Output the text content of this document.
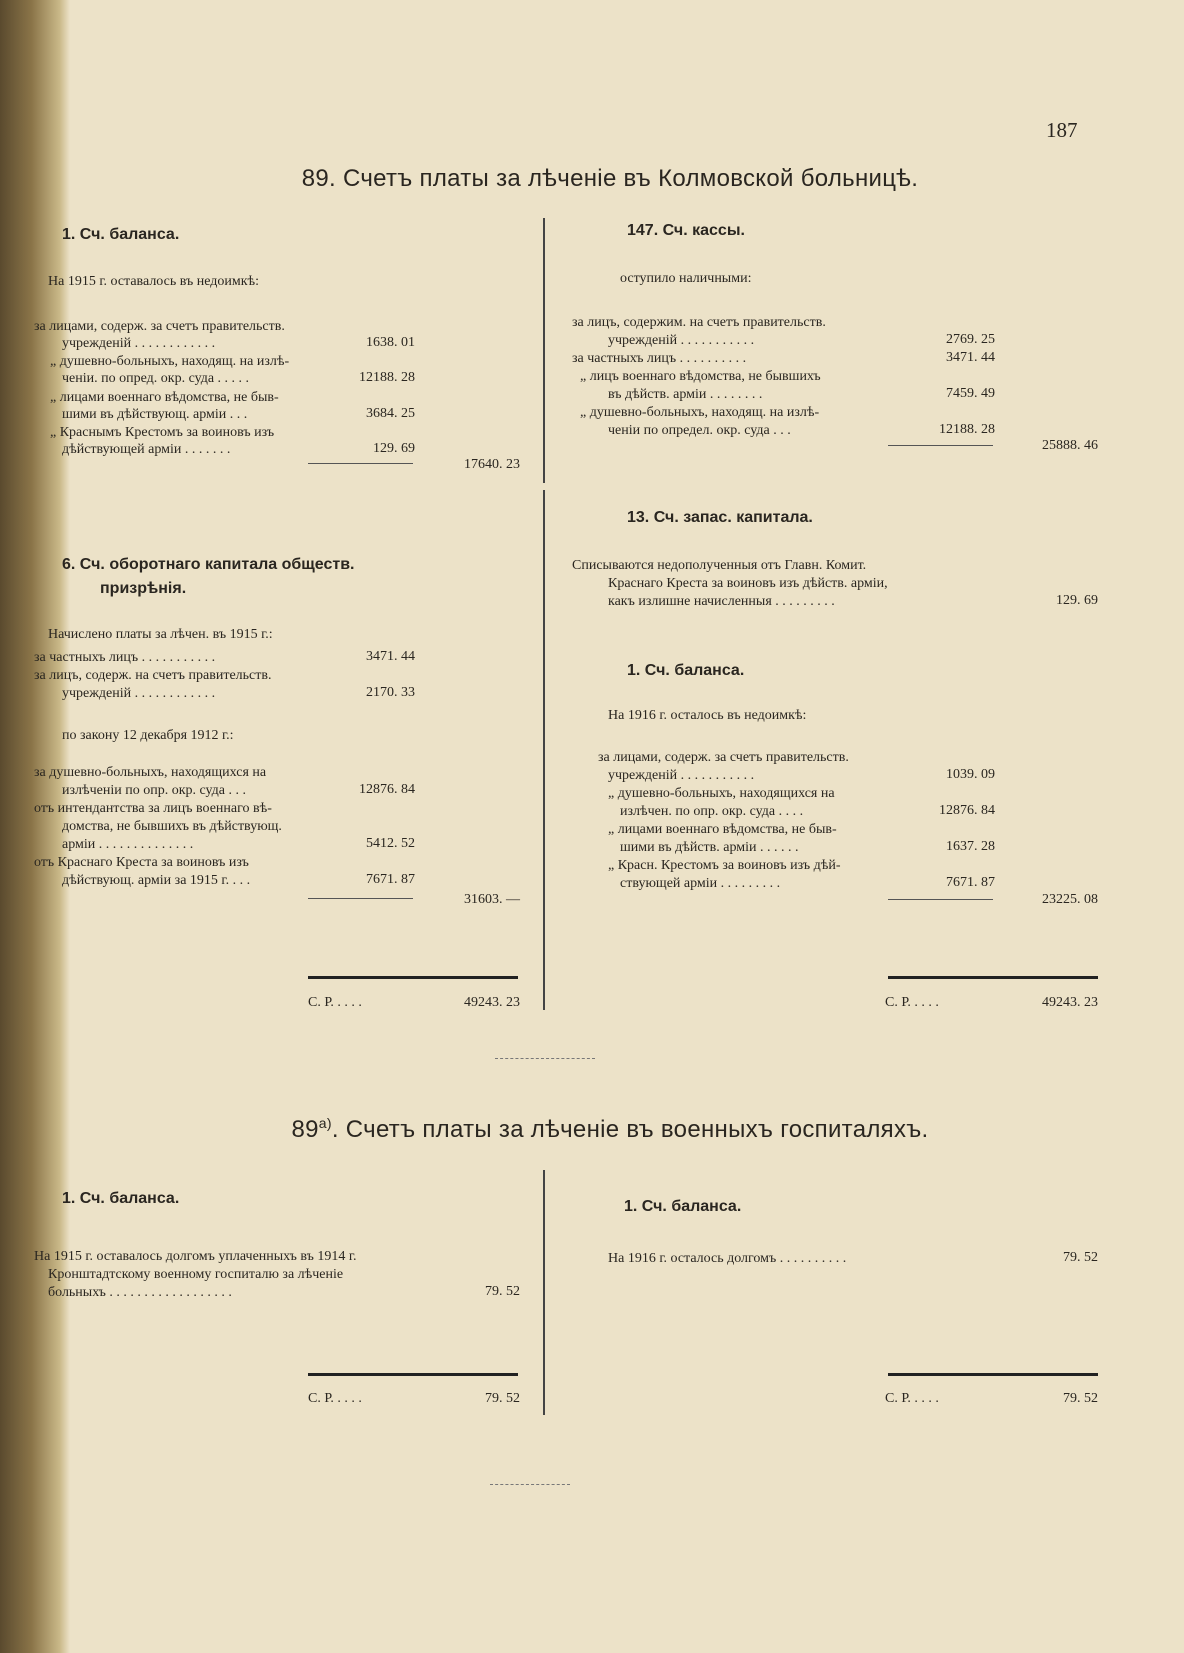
187
89. Счетъ платы за лѣченіе въ Колмовской больницѣ.
1. Сч. баланса.
На 1915 г. оставалось въ недоимкѣ:
за лицами, содерж. за счетъ правительств.
учрежденій . . . . . . . . . . . .	1638. 01
„ душевно-больныхъ, находящ. на излѣ-
ченіи. по опред. окр. суда . . . . .	12188. 28
„ лицами военнаго вѣдомства, не быв-
шими въ дѣйствующ. арміи . . .	3684. 25
„ Краснымъ Крестомъ за воиновъ изъ
дѣйствующей арміи . . . . . . .	129. 69
17640. 23
6. Сч. оборотнаго капитала обществ.
призрѣнія.
Начислено платы за лѣчен. въ 1915 г.:
за частныхъ лицъ . . . . . . . . . . .	3471. 44
за лицъ, содерж. на счетъ правительств.
учрежденій . . . . . . . . . . . .	2170. 33
по закону 12 декабря 1912 г.:
за душевно-больныхъ, находящихся на
излѣченіи по опр. окр. суда . . .	12876. 84
отъ интендантства за лицъ военнаго вѣ-
домства, не бывшихъ въ дѣйствующ.
арміи . . . . . . . . . . . . . .	5412. 52
отъ Краснаго Креста за воиновъ изъ
дѣйствующ. арміи за 1915 г. . . .	7671. 87
31603. —
С. Р. . . . .	49243. 23
147. Сч. кассы.
оступило наличными:
за лицъ, содержим. на счетъ правительств.
учрежденій . . . . . . . . . . .	2769. 25
за частныхъ лицъ . . . . . . . . . .	3471. 44
„ лицъ военнаго вѣдомства, не бывшихъ
въ дѣйств. арміи . . . . . . . .	7459. 49
„ душевно-больныхъ, находящ. на излѣ-
ченіи по определ. окр. суда . . .	12188. 28
25888. 46
13. Сч. запас. капитала.
Списываются недополученныя отъ Главн. Комит.
Краснаго Креста за воиновъ изъ дѣйств. арміи,
какъ излишне начисленныя . . . . . . . . .	129. 69
1. Сч. баланса.
На 1916 г. осталось въ недоимкѣ:
за лицами, содерж. за счетъ правительств.
учрежденій . . . . . . . . . . .	1039. 09
„ душевно-больныхъ, находящихся на
излѣчен. по опр. окр. суда . . . .	12876. 84
„ лицами военнаго вѣдомства, не быв-
шими въ дѣйств. арміи . . . . . .	1637. 28
„ Красн. Крестомъ за воиновъ изъ дѣй-
ствующей арміи . . . . . . . . .	7671. 87
23225. 08
С. Р. . . . .	49243. 23
$89^{а)}$. Счетъ платы за лѣченіе въ военныхъ госпиталяхъ.
1. Сч. баланса.
На 1915 г. оставалось долгомъ уплаченныхъ въ 1914 г.
Кронштадтскому военному госпиталю за лѣченіе
больныхъ . . . . . . . . . . . . . . . . . .	79. 52
С. Р. . . . .	79. 52
1. Сч. баланса.
На 1916 г. осталось долгомъ . . . . . . . . . .	79. 52
С. Р. . . . .	79. 52
